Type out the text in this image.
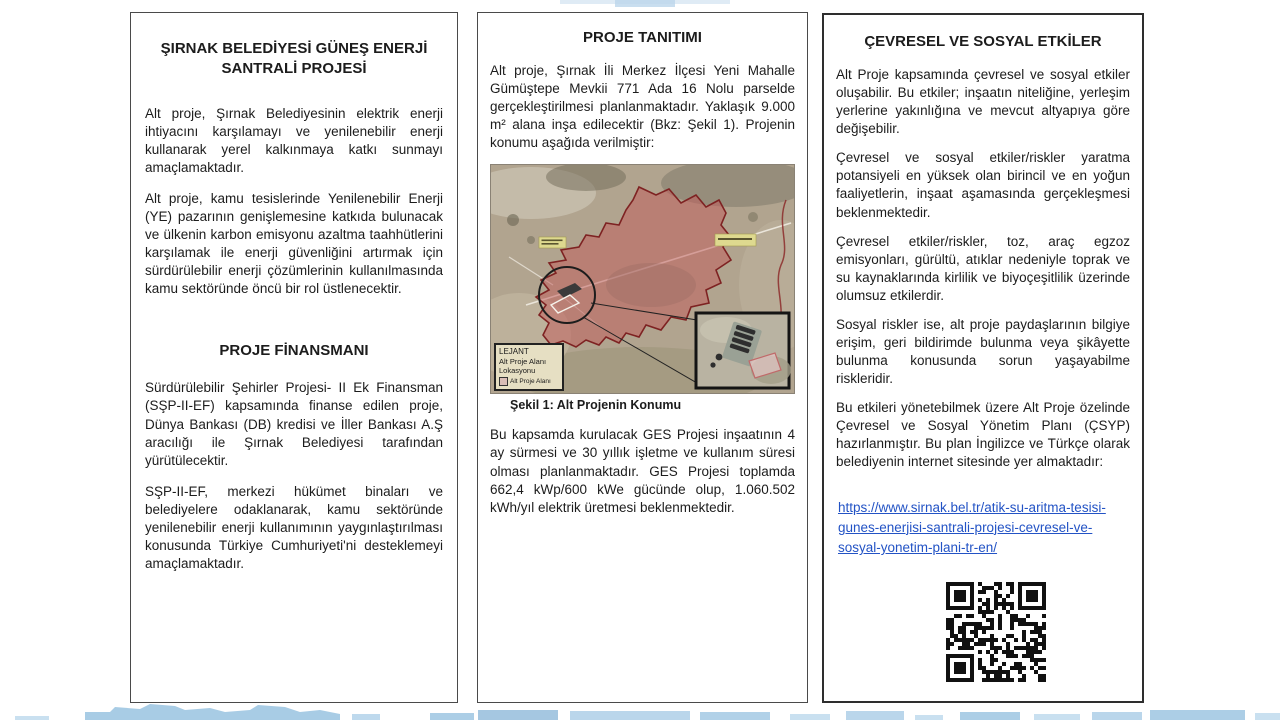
ŞIRNAK BELEDİYESİ GÜNEŞ ENERJİ SANTRALİ PROJESİ

Alt proje, Şırnak Belediyesinin elektrik enerji ihtiyacını karşılamayı ve yenilenebilir enerji kullanarak yerel kalkınmaya katkı sunmayı amaçlamaktadır.

Alt proje, kamu tesislerinde Yenilenebilir Enerji (YE) pazarının genişlemesine katkıda bulunacak ve ülkenin karbon emisyonu azaltma taahhütlerini karşılamak ile enerji güvenliğini artırmak için sürdürülebilir enerji çözümlerinin kullanılmasında kamu sektöründe öncü bir rol üstlenecektir.

PROJE FİNANSMANI

Sürdürülebilir Şehirler Projesi- II Ek Finansman (SŞP-II-EF) kapsamında finanse edilen proje, Dünya Bankası (DB) kredisi ve İller Bankası A.Ş aracılığı ile Şırnak Belediyesi tarafından yürütülecektir.

SŞP-II-EF, merkezi hükümet binaları ve belediyelere odaklanarak, kamu sektöründe yenilenebilir enerji kullanımının yaygınlaştırılması konusunda Türkiye Cumhuriyeti'ni desteklemeyi amaçlamaktadır.

PROJE TANITIMI

Alt proje, Şırnak İli Merkez İlçesi Yeni Mahalle Gümüştepe Mevkii 771 Ada 16 Nolu parselde gerçekleştirilmesi planlanmaktadır. Yaklaşık 9.000 m² alana inşa edilecektir (Bkz: Şekil 1). Projenin konumu aşağıda verilmiştir:

LEJANT
Alt Proje Alanı
Lokasyonu
Alt Proje Alanı
Şekil 1: Alt Projenin Konumu

Bu kapsamda kurulacak GES Projesi inşaatının 4 ay sürmesi ve 30 yıllık işletme ve kullanım süresi olması planlanmaktadır. GES Projesi toplamda 662,4 kWp/600 kWe gücünde olup, 1.060.502 kWh/yıl elektrik üretmesi beklenmektedir.

ÇEVRESEL VE SOSYAL ETKİLER

Alt Proje kapsamında çevresel ve sosyal etkiler oluşabilir. Bu etkiler; inşaatın niteliğine, yerleşim yerlerine yakınlığına ve mevcut altyapıya göre değişebilir.

Çevresel ve sosyal etkiler/riskler yaratma potansiyeli en yüksek olan birincil ve en yoğun faaliyetlerin, inşaat aşamasında gerçekleşmesi beklenmektedir.

Çevresel etkiler/riskler, toz, araç egzoz emisyonları, gürültü, atıklar nedeniyle toprak ve su kaynaklarında kirlilik ve biyoçeşitlilik üzerinde olumsuz etkilerdir.

Sosyal riskler ise, alt proje paydaşlarının bilgiye erişim, geri bildirimde bulunma veya şikâyette bulunma konusunda sorun yaşayabilme riskleridir.

Bu etkileri yönetebilmek üzere Alt Proje özelinde Çevresel ve Sosyal Yönetim Planı (ÇSYP) hazırlanmıştır. Bu plan İngilizce ve Türkçe olarak belediyenin internet sitesinde yer almaktadır:

https://www.sirnak.bel.tr/atik-su-aritma-tesisi-gunes-enerjisi-santrali-projesi-cevresel-ve-sosyal-yonetim-plani-tr-en/
